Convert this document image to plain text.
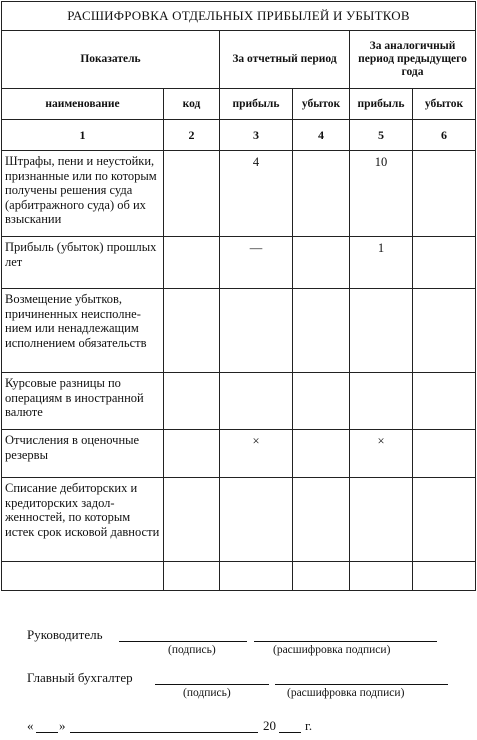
РАСШИФРОВКА ОТДЕЛЬНЫХ ПРИБЫЛЕЙ И УБЫТКОВ					
Показатель		За отчетный период		За аналогичный период предыдущего года	
наименование	код	прибыль	убыток	прибыль	убыток
1	2	3	4	5	6
Штрафы, пени и неустойки, признанные или по которым получены решения суда (арбитражного суда) об их взыскании		4		10	
Прибыль (убыток) прошлых лет		—		1	
Возмещение убытков, причиненных неисполнением или ненадлежащим исполнением обязательств					
Курсовые разницы по операциям в иностранной валюте					
Отчисления в оценочные резервы		×		×	
Списание дебиторских и кредиторских задолженностей, по которым истек срок исковой давности					

Руководитель
(подпись)	(расшифровка подписи)
Главный бухгалтер
(подпись)	(расшифровка подписи)
« »	20 г.
